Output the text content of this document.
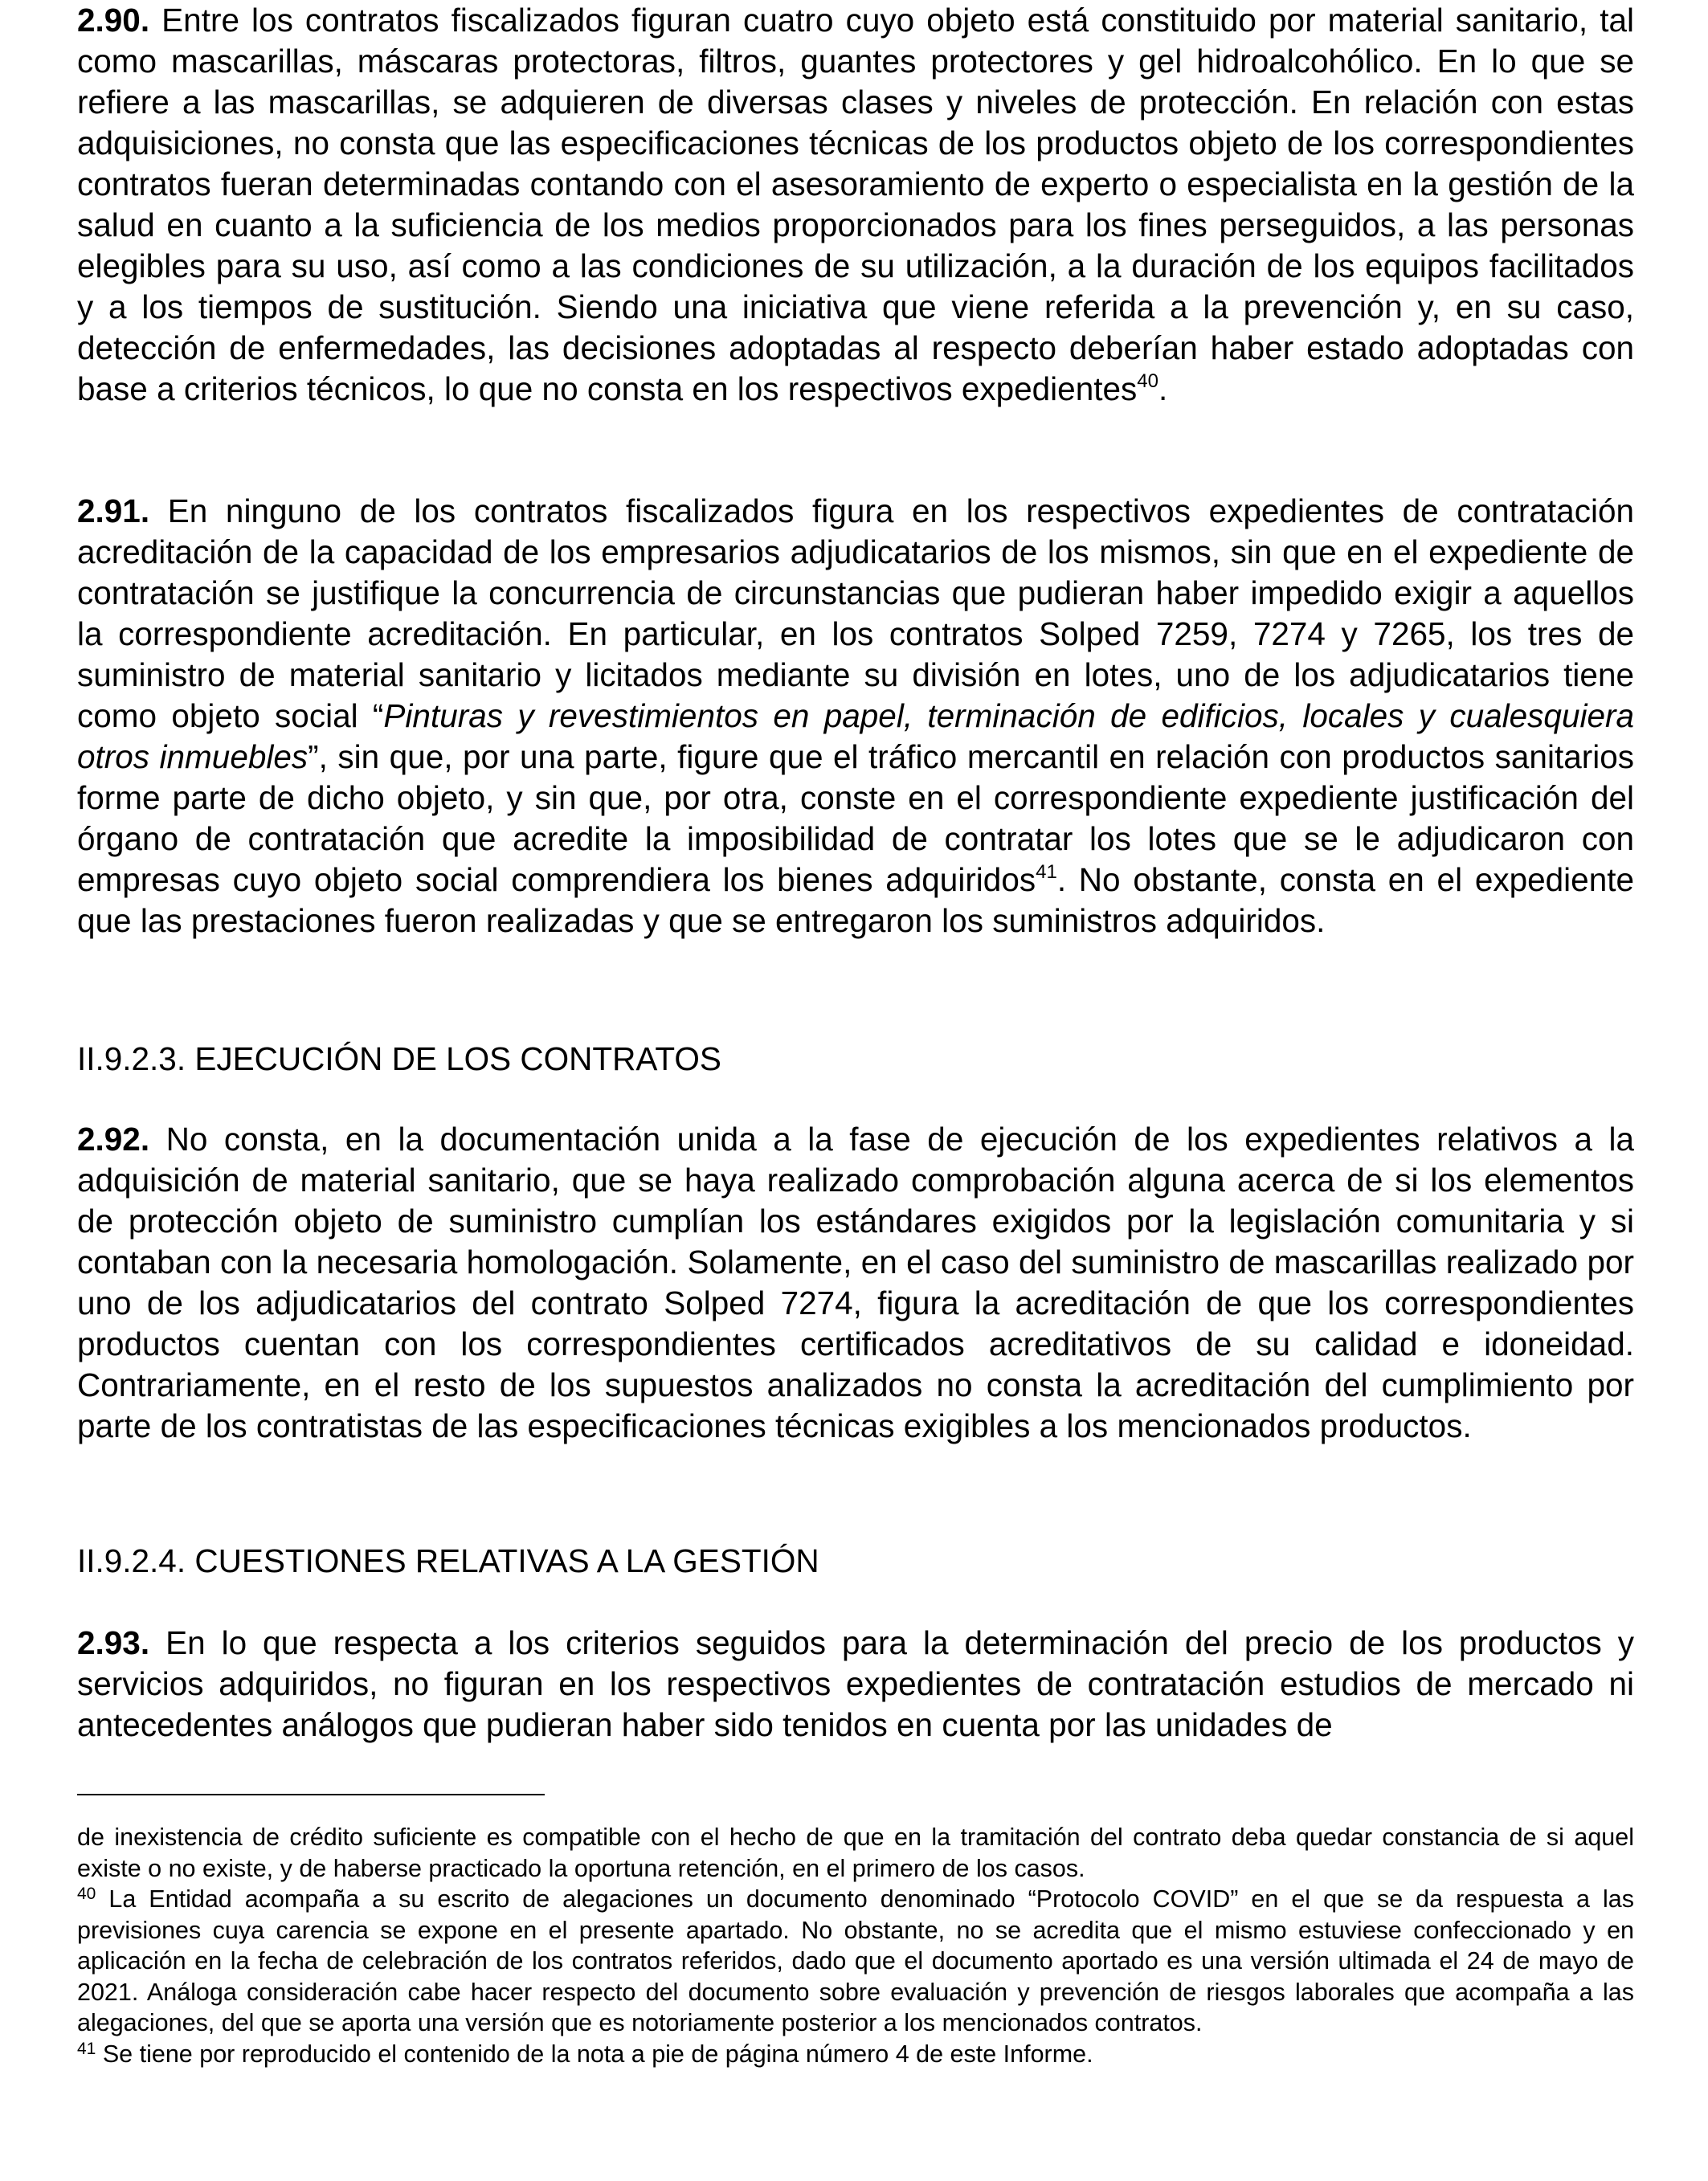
2.90. Entre los contratos fiscalizados figuran cuatro cuyo objeto está constituido por material sanitario, tal como mascarillas, máscaras protectoras, filtros, guantes protectores y gel hidroalcohólico. En lo que se refiere a las mascarillas, se adquieren de diversas clases y niveles de protección. En relación con estas adquisiciones, no consta que las especificaciones técnicas de los productos objeto de los correspondientes contratos fueran determinadas contando con el asesoramiento de experto o especialista en la gestión de la salud en cuanto a la suficiencia de los medios proporcionados para los fines perseguidos, a las personas elegibles para su uso, así como a las condiciones de su utilización, a la duración de los equipos facilitados y a los tiempos de sustitución. Siendo una iniciativa que viene referida a la prevención y, en su caso, detección de enfermedades, las decisiones adoptadas al respecto deberían haber estado adoptadas con base a criterios técnicos, lo que no consta en los respectivos expedientes$^{40}$.

2.91. En ninguno de los contratos fiscalizados figura en los respectivos expedientes de contratación acreditación de la capacidad de los empresarios adjudicatarios de los mismos, sin que en el expediente de contratación se justifique la concurrencia de circunstancias que pudieran haber impedido exigir a aquellos la correspondiente acreditación. En particular, en los contratos Solped 7259, 7274 y 7265, los tres de suministro de material sanitario y licitados mediante su división en lotes, uno de los adjudicatarios tiene como objeto social “Pinturas y revestimientos en papel, terminación de edificios, locales y cualesquiera otros inmuebles”, sin que, por una parte, figure que el tráfico mercantil en relación con productos sanitarios forme parte de dicho objeto, y sin que, por otra, conste en el correspondiente expediente justificación del órgano de contratación que acredite la imposibilidad de contratar los lotes que se le adjudicaron con empresas cuyo objeto social comprendiera los bienes adquiridos$^{41}$. No obstante, consta en el expediente que las prestaciones fueron realizadas y que se entregaron los suministros adquiridos.

II.9.2.3. EJECUCIÓN DE LOS CONTRATOS

2.92. No consta, en la documentación unida a la fase de ejecución de los expedientes relativos a la adquisición de material sanitario, que se haya realizado comprobación alguna acerca de si los elementos de protección objeto de suministro cumplían los estándares exigidos por la legislación comunitaria y si contaban con la necesaria homologación. Solamente, en el caso del suministro de mascarillas realizado por uno de los adjudicatarios del contrato Solped 7274, figura la acreditación de que los correspondientes productos cuentan con los correspondientes certificados acreditativos de su calidad e idoneidad. Contrariamente, en el resto de los supuestos analizados no consta la acreditación del cumplimiento por parte de los contratistas de las especificaciones técnicas exigibles a los mencionados productos.

II.9.2.4. CUESTIONES RELATIVAS A LA GESTIÓN

2.93. En lo que respecta a los criterios seguidos para la determinación del precio de los productos y servicios adquiridos, no figuran en los respectivos expedientes de contratación estudios de mercado ni antecedentes análogos que pudieran haber sido tenidos en cuenta por las unidades de

de inexistencia de crédito suficiente es compatible con el hecho de que en la tramitación del contrato deba quedar constancia de si aquel existe o no existe, y de haberse practicado la oportuna retención, en el primero de los casos.

$^{40}$ La Entidad acompaña a su escrito de alegaciones un documento denominado “Protocolo COVID” en el que se da respuesta a las previsiones cuya carencia se expone en el presente apartado. No obstante, no se acredita que el mismo estuviese confeccionado y en aplicación en la fecha de celebración de los contratos referidos, dado que el documento aportado es una versión ultimada el 24 de mayo de 2021. Análoga consideración cabe hacer respecto del documento sobre evaluación y prevención de riesgos laborales que acompaña a las alegaciones, del que se aporta una versión que es notoriamente posterior a los mencionados contratos.

$^{41}$ Se tiene por reproducido el contenido de la nota a pie de página número 4 de este Informe.
